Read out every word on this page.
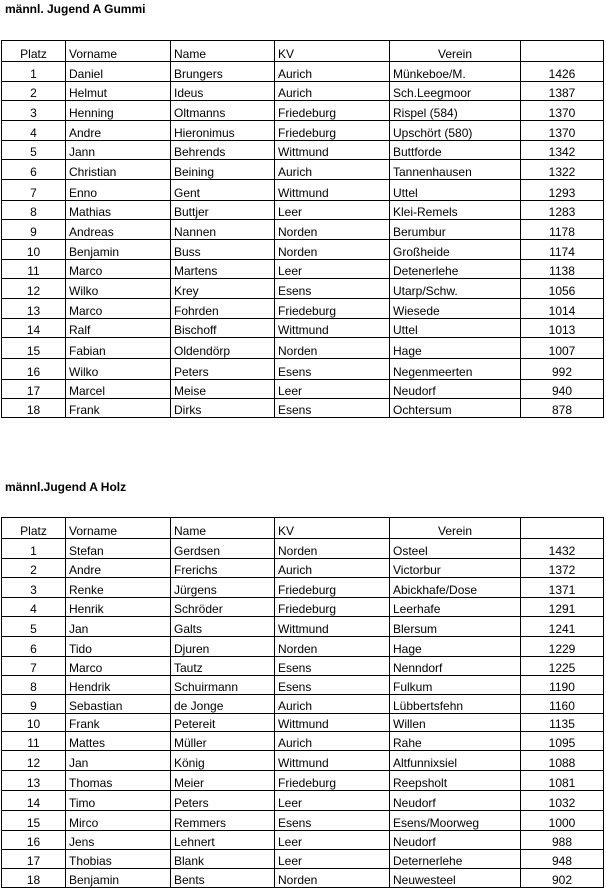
männl. Jugend A Gummi
Platz	Vorname	Name	KV	Verein	
1	Daniel	Brungers	Aurich	Münkeboe/M.	1426
2	Helmut	Ideus	Aurich	Sch.Leegmoor	1387
3	Henning	Oltmanns	Friedeburg	Rispel (584)	1370
4	Andre	Hieronimus	Friedeburg	Upschört (580)	1370
5	Jann	Behrends	Wittmund	Buttforde	1342
6	Christian	Beining	Aurich	Tannenhausen	1322
7	Enno	Gent	Wittmund	Uttel	1293
8	Mathias	Buttjer	Leer	Klei-Remels	1283
9	Andreas	Nannen	Norden	Berumbur	1178
10	Benjamin	Buss	Norden	Großheide	1174
11	Marco	Martens	Leer	Detenerlehe	1138
12	Wilko	Krey	Esens	Utarp/Schw.	1056
13	Marco	Fohrden	Friedeburg	Wiesede	1014
14	Ralf	Bischoff	Wittmund	Uttel	1013
15	Fabian	Oldendörp	Norden	Hage	1007
16	Wilko	Peters	Esens	Negenmeerten	992
17	Marcel	Meise	Leer	Neudorf	940
18	Frank	Dirks	Esens	Ochtersum	878
männl.Jugend A Holz
Platz	Vorname	Name	KV	Verein	
1	Stefan	Gerdsen	Norden	Osteel	1432
2	Andre	Frerichs	Aurich	Victorbur	1372
3	Renke	Jürgens	Friedeburg	Abickhafe/Dose	1371
4	Henrik	Schröder	Friedeburg	Leerhafe	1291
5	Jan	Galts	Wittmund	Blersum	1241
6	Tido	Djuren	Norden	Hage	1229
7	Marco	Tautz	Esens	Nenndorf	1225
8	Hendrik	Schuirmann	Esens	Fulkum	1190
9	Sebastian	de Jonge	Aurich	Lübbertsfehn	1160
10	Frank	Petereit	Wittmund	Willen	1135
11	Mattes	Müller	Aurich	Rahe	1095
12	Jan	König	Wittmund	Altfunnixsiel	1088
13	Thomas	Meier	Friedeburg	Reepsholt	1081
14	Timo	Peters	Leer	Neudorf	1032
15	Mirco	Remmers	Esens	Esens/Moorweg	1000
16	Jens	Lehnert	Leer	Neudorf	988
17	Thobias	Blank	Leer	Deternerlehe	948
18	Benjamin	Bents	Norden	Neuwesteel	902
